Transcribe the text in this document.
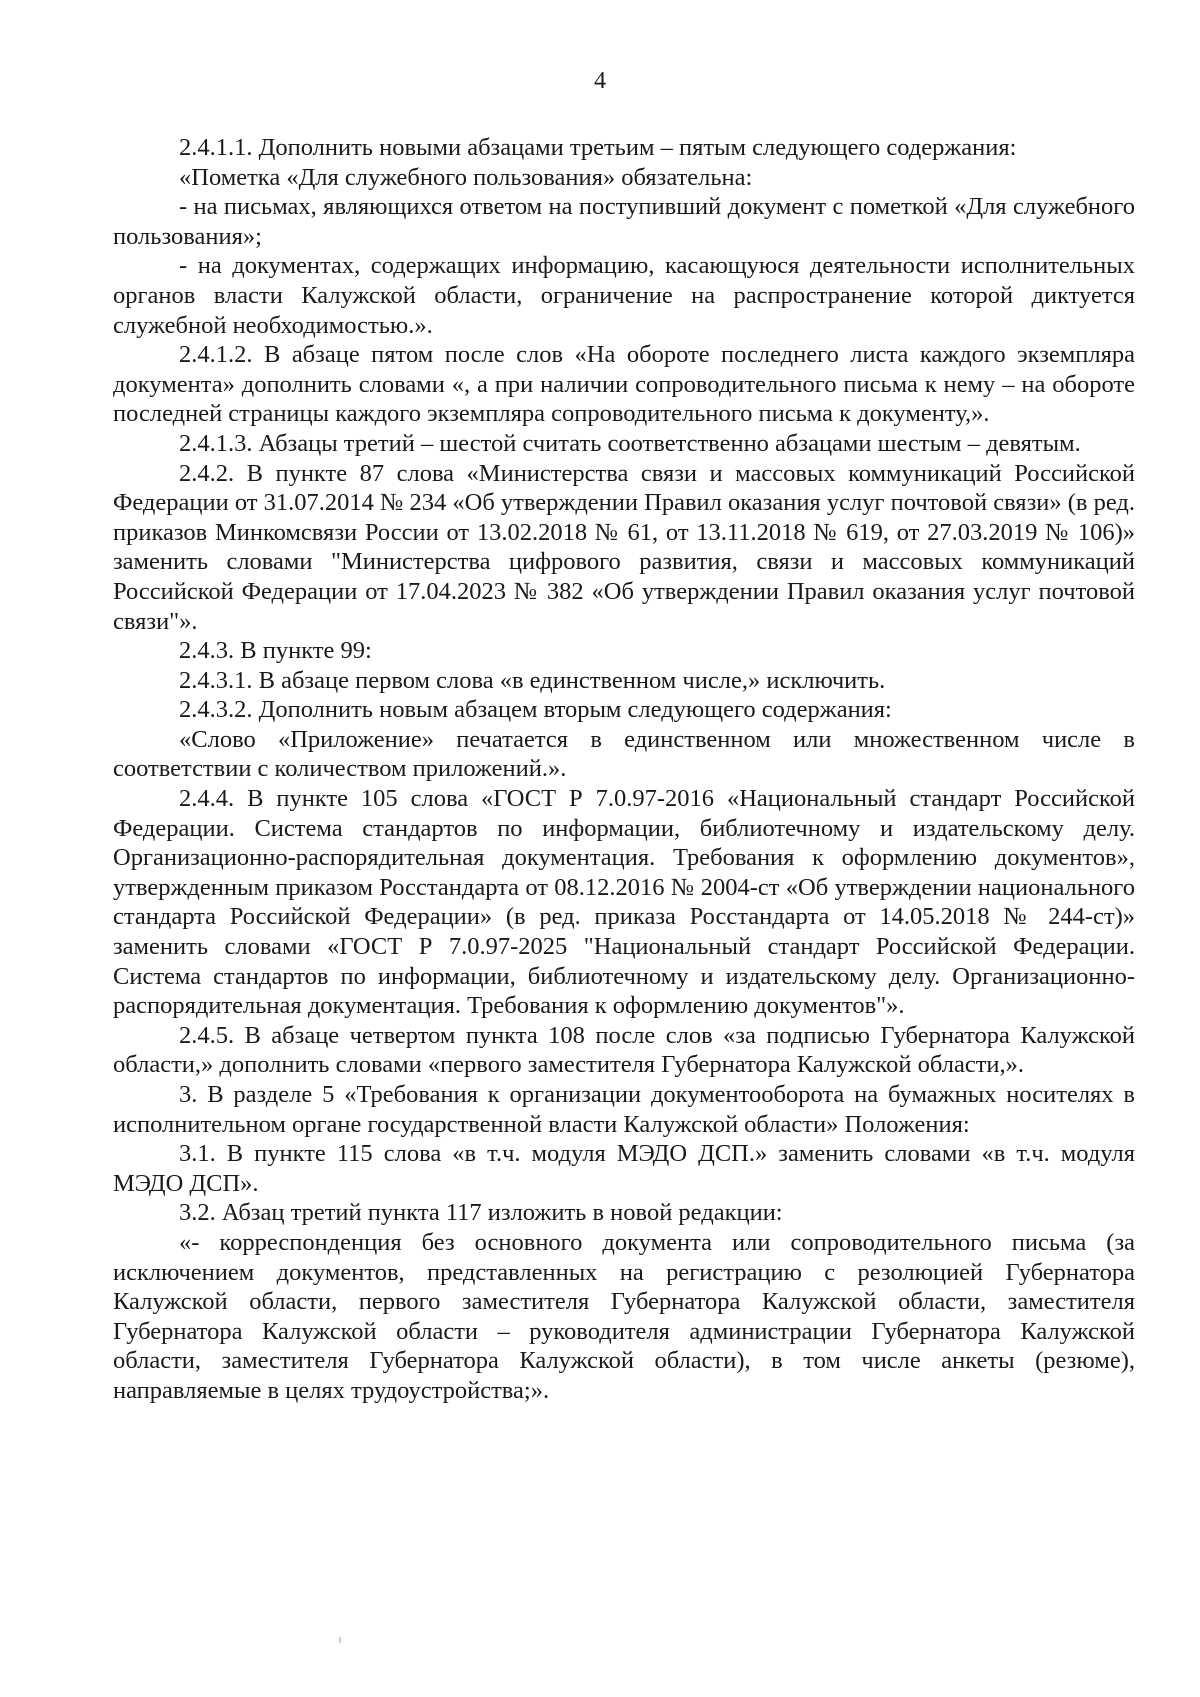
4

2.4.1.1. Дополнить новыми абзацами третьим – пятым следующего содержания:

«Пометка «Для служебного пользования» обязательна:

- на письмах, являющихся ответом на поступивший документ с пометкой «Для служебного пользования»;

- на документах, содержащих информацию, касающуюся деятельности исполнительных органов власти Калужской области, ограничение на распространение которой диктуется служебной необходимостью.».

2.4.1.2. В абзаце пятом после слов «На обороте последнего листа каждого экземпляра документа» дополнить словами «, а при наличии сопроводительного письма к нему – на обороте последней страницы каждого экземпляра сопроводительного письма к документу,».

2.4.1.3. Абзацы третий – шестой считать соответственно абзацами шестым – девятым.

2.4.2. В пункте 87 слова «Министерства связи и массовых коммуникаций Российской Федерации от 31.07.2014 № 234 «Об утверждении Правил оказания услуг почтовой связи» (в ред. приказов Минкомсвязи России от 13.02.2018 № 61, от 13.11.2018 № 619, от 27.03.2019 № 106)» заменить словами "Министерства цифрового развития, связи и массовых коммуникаций Российской Федерации от 17.04.2023 № 382 «Об утверждении Правил оказания услуг почтовой связи"».

2.4.3. В пункте 99:

2.4.3.1. В абзаце первом слова «в единственном числе,» исключить.

2.4.3.2. Дополнить новым абзацем вторым следующего содержания:

«Слово «Приложение» печатается в единственном или множественном числе в соответствии с количеством приложений.».

2.4.4. В пункте 105 слова «ГОСТ Р 7.0.97-2016 «Национальный стандарт Российской Федерации. Система стандартов по информации, библиотечному и издательскому делу. Организационно-распорядительная документация. Требования к оформлению документов», утвержденным приказом Росстандарта от 08.12.2016 № 2004-ст «Об утверждении национального стандарта Российской Федерации» (в ред. приказа Росстандарта от 14.05.2018 № 244-ст)» заменить словами «ГОСТ Р 7.0.97-2025 "Национальный стандарт Российской Федерации. Система стандартов по информации, библиотечному и издательскому делу. Организационно-распорядительная документация. Требования к оформлению документов"».

2.4.5. В абзаце четвертом пункта 108 после слов «за подписью Губернатора Калужской области,» дополнить словами «первого заместителя Губернатора Калужской области,».

3. В разделе 5 «Требования к организации документооборота на бумажных носителях в исполнительном органе государственной власти Калужской области» Положения:

3.1. В пункте 115 слова «в т.ч. модуля МЭДО ДСП.» заменить словами «в т.ч. модуля МЭДО ДСП».

3.2. Абзац третий пункта 117 изложить в новой редакции:

«- корреспонденция без основного документа или сопроводительного письма (за исключением документов, представленных на регистрацию с резолюцией Губернатора Калужской области, первого заместителя Губернатора Калужской области, заместителя Губернатора Калужской области – руководителя администрации Губернатора Калужской области, заместителя Губернатора Калужской области), в том числе анкеты (резюме), направляемые в целях трудоустройства;».
